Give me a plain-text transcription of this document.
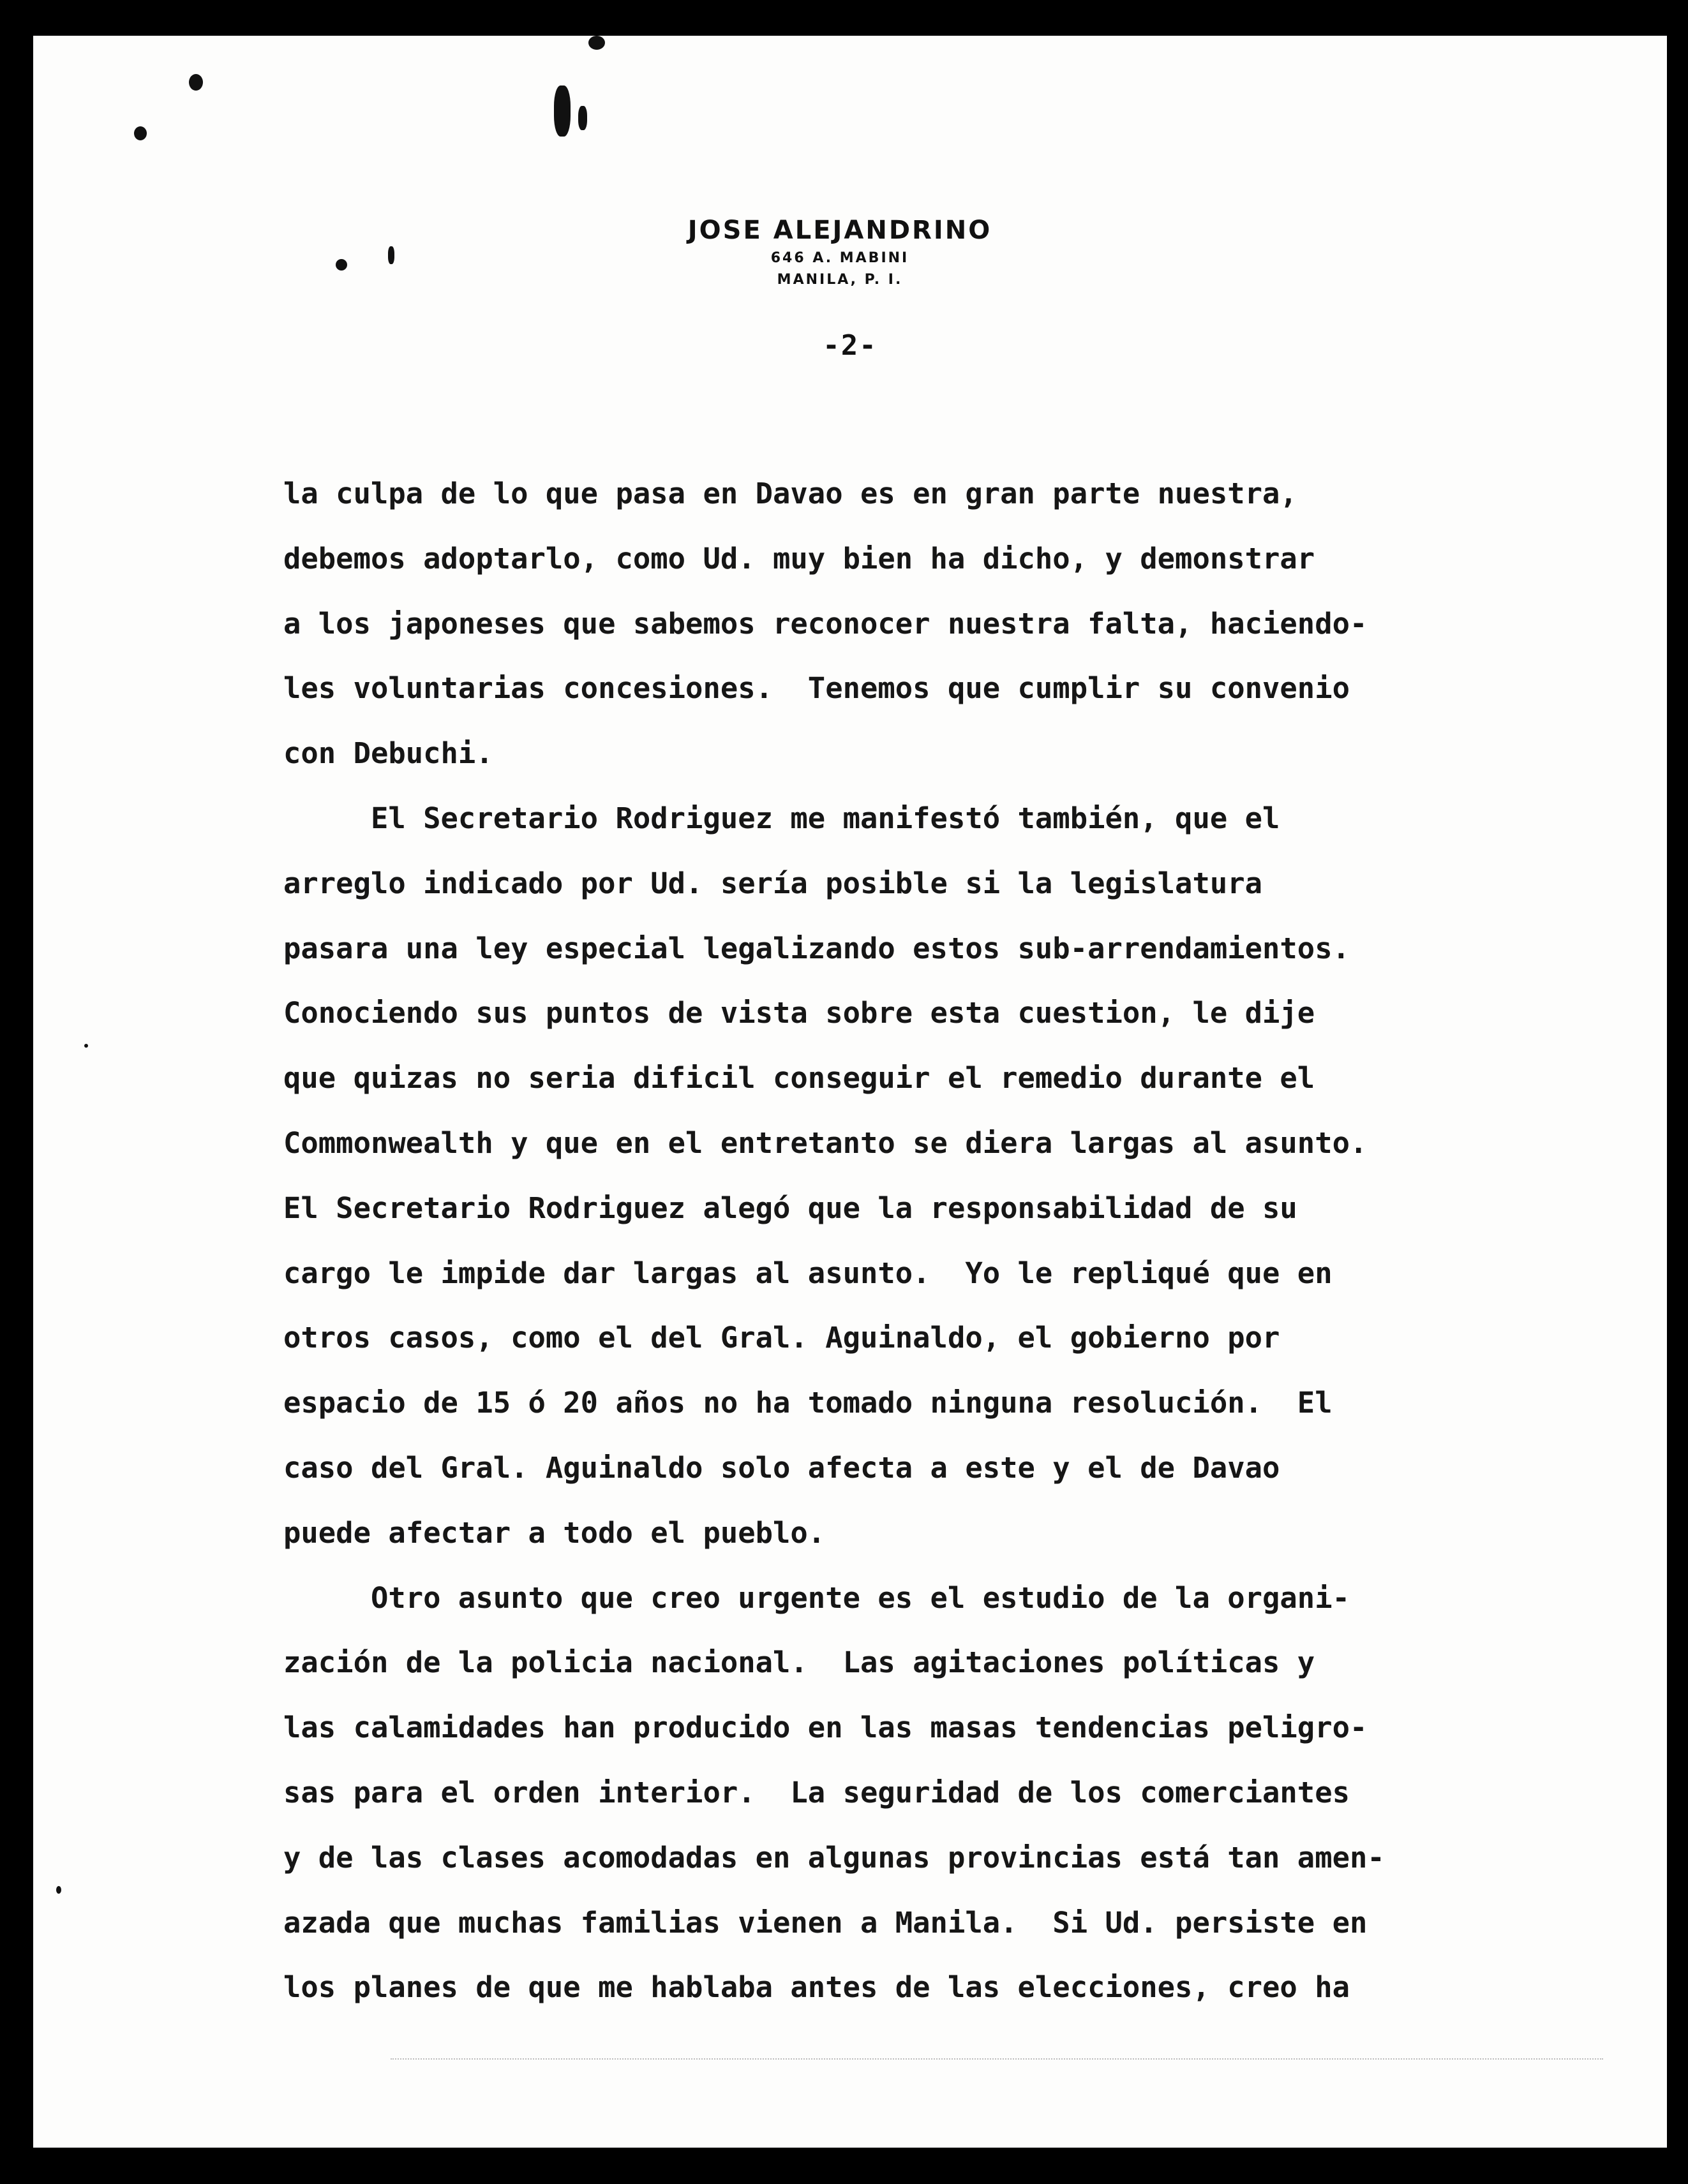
JOSE ALEJANDRINO
646 A. MABINI
MANILA, P. I.
-2-
la culpa de lo que pasa en Davao es en gran parte nuestra,
debemos adoptarlo, como Ud. muy bien ha dicho, y demonstrar
a los japoneses que sabemos reconocer nuestra falta, haciendo-
les voluntarias concesiones.  Tenemos que cumplir su convenio
con Debuchi.
El Secretario Rodriguez me manifestó también, que el
arreglo indicado por Ud. sería posible si la legislatura
pasara una ley especial legalizando estos sub-arrendamientos.
Conociendo sus puntos de vista sobre esta cuestion, le dije
que quizas no seria dificil conseguir el remedio durante el
Commonwealth y que en el entretanto se diera largas al asunto.
El Secretario Rodriguez alegó que la responsabilidad de su
cargo le impide dar largas al asunto.  Yo le repliqué que en
otros casos, como el del Gral. Aguinaldo, el gobierno por
espacio de 15 ó 20 años no ha tomado ninguna resolución.  El
caso del Gral. Aguinaldo solo afecta a este y el de Davao
puede afectar a todo el pueblo.
Otro asunto que creo urgente es el estudio de la organi-
zación de la policia nacional.  Las agitaciones políticas y
las calamidades han producido en las masas tendencias peligro-
sas para el orden interior.  La seguridad de los comerciantes
y de las clases acomodadas en algunas provincias está tan amen-
azada que muchas familias vienen a Manila.  Si Ud. persiste en
los planes de que me hablaba antes de las elecciones, creo ha
